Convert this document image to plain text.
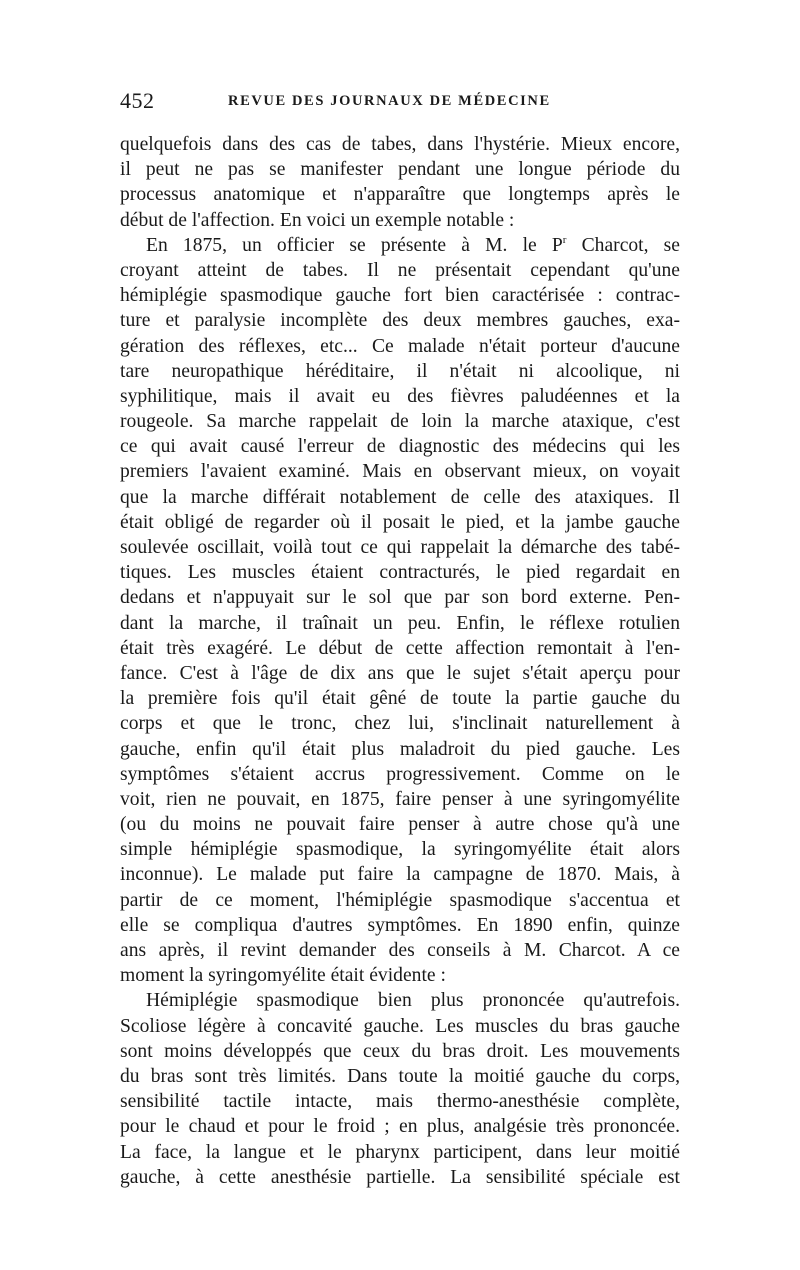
452	REVUE DES JOURNAUX DE MÉDECINE
quelquefois dans des cas de tabes, dans l'hystérie. Mieux encore,
il peut ne pas se manifester pendant une longue période du
processus anatomique et n'apparaître que longtemps après le
début de l'affection. En voici un exemple notable :
En 1875, un officier se présente à M. le $P^r$ Charcot, se
croyant atteint de tabes. Il ne présentait cependant qu'une
hémiplégie spasmodique gauche fort bien caractérisée : contrac-
ture et paralysie incomplète des deux membres gauches, exa-
gération des réflexes, etc... Ce malade n'était porteur d'aucune
tare neuropathique héréditaire, il n'était ni alcoolique, ni
syphilitique, mais il avait eu des fièvres paludéennes et la
rougeole. Sa marche rappelait de loin la marche ataxique, c'est
ce qui avait causé l'erreur de diagnostic des médecins qui les
premiers l'avaient examiné. Mais en observant mieux, on voyait
que la marche différait notablement de celle des ataxiques. Il
était obligé de regarder où il posait le pied, et la jambe gauche
soulevée oscillait, voilà tout ce qui rappelait la démarche des tabé-
tiques. Les muscles étaient contracturés, le pied regardait en
dedans et n'appuyait sur le sol que par son bord externe. Pen-
dant la marche, il traînait un peu. Enfin, le réflexe rotulien
était très exagéré. Le début de cette affection remontait à l'en-
fance. C'est à l'âge de dix ans que le sujet s'était aperçu pour
la première fois qu'il était gêné de toute la partie gauche du
corps et que le tronc, chez lui, s'inclinait naturellement à
gauche, enfin qu'il était plus maladroit du pied gauche. Les
symptômes s'étaient accrus progressivement. Comme on le
voit, rien ne pouvait, en 1875, faire penser à une syringomyélite
(ou du moins ne pouvait faire penser à autre chose qu'à une
simple hémiplégie spasmodique, la syringomyélite était alors
inconnue). Le malade put faire la campagne de 1870. Mais, à
partir de ce moment, l'hémiplégie spasmodique s'accentua et
elle se compliqua d'autres symptômes. En 1890 enfin, quinze
ans après, il revint demander des conseils à M. Charcot. A ce
moment la syringomyélite était évidente :
Hémiplégie spasmodique bien plus prononcée qu'autrefois.
Scoliose légère à concavité gauche. Les muscles du bras gauche
sont moins développés que ceux du bras droit. Les mouvements
du bras sont très limités. Dans toute la moitié gauche du corps,
sensibilité tactile intacte, mais thermo-anesthésie complète,
pour le chaud et pour le froid ; en plus, analgésie très prononcée.
La face, la langue et le pharynx participent, dans leur moitié
gauche, à cette anesthésie partielle. La sensibilité spéciale est
